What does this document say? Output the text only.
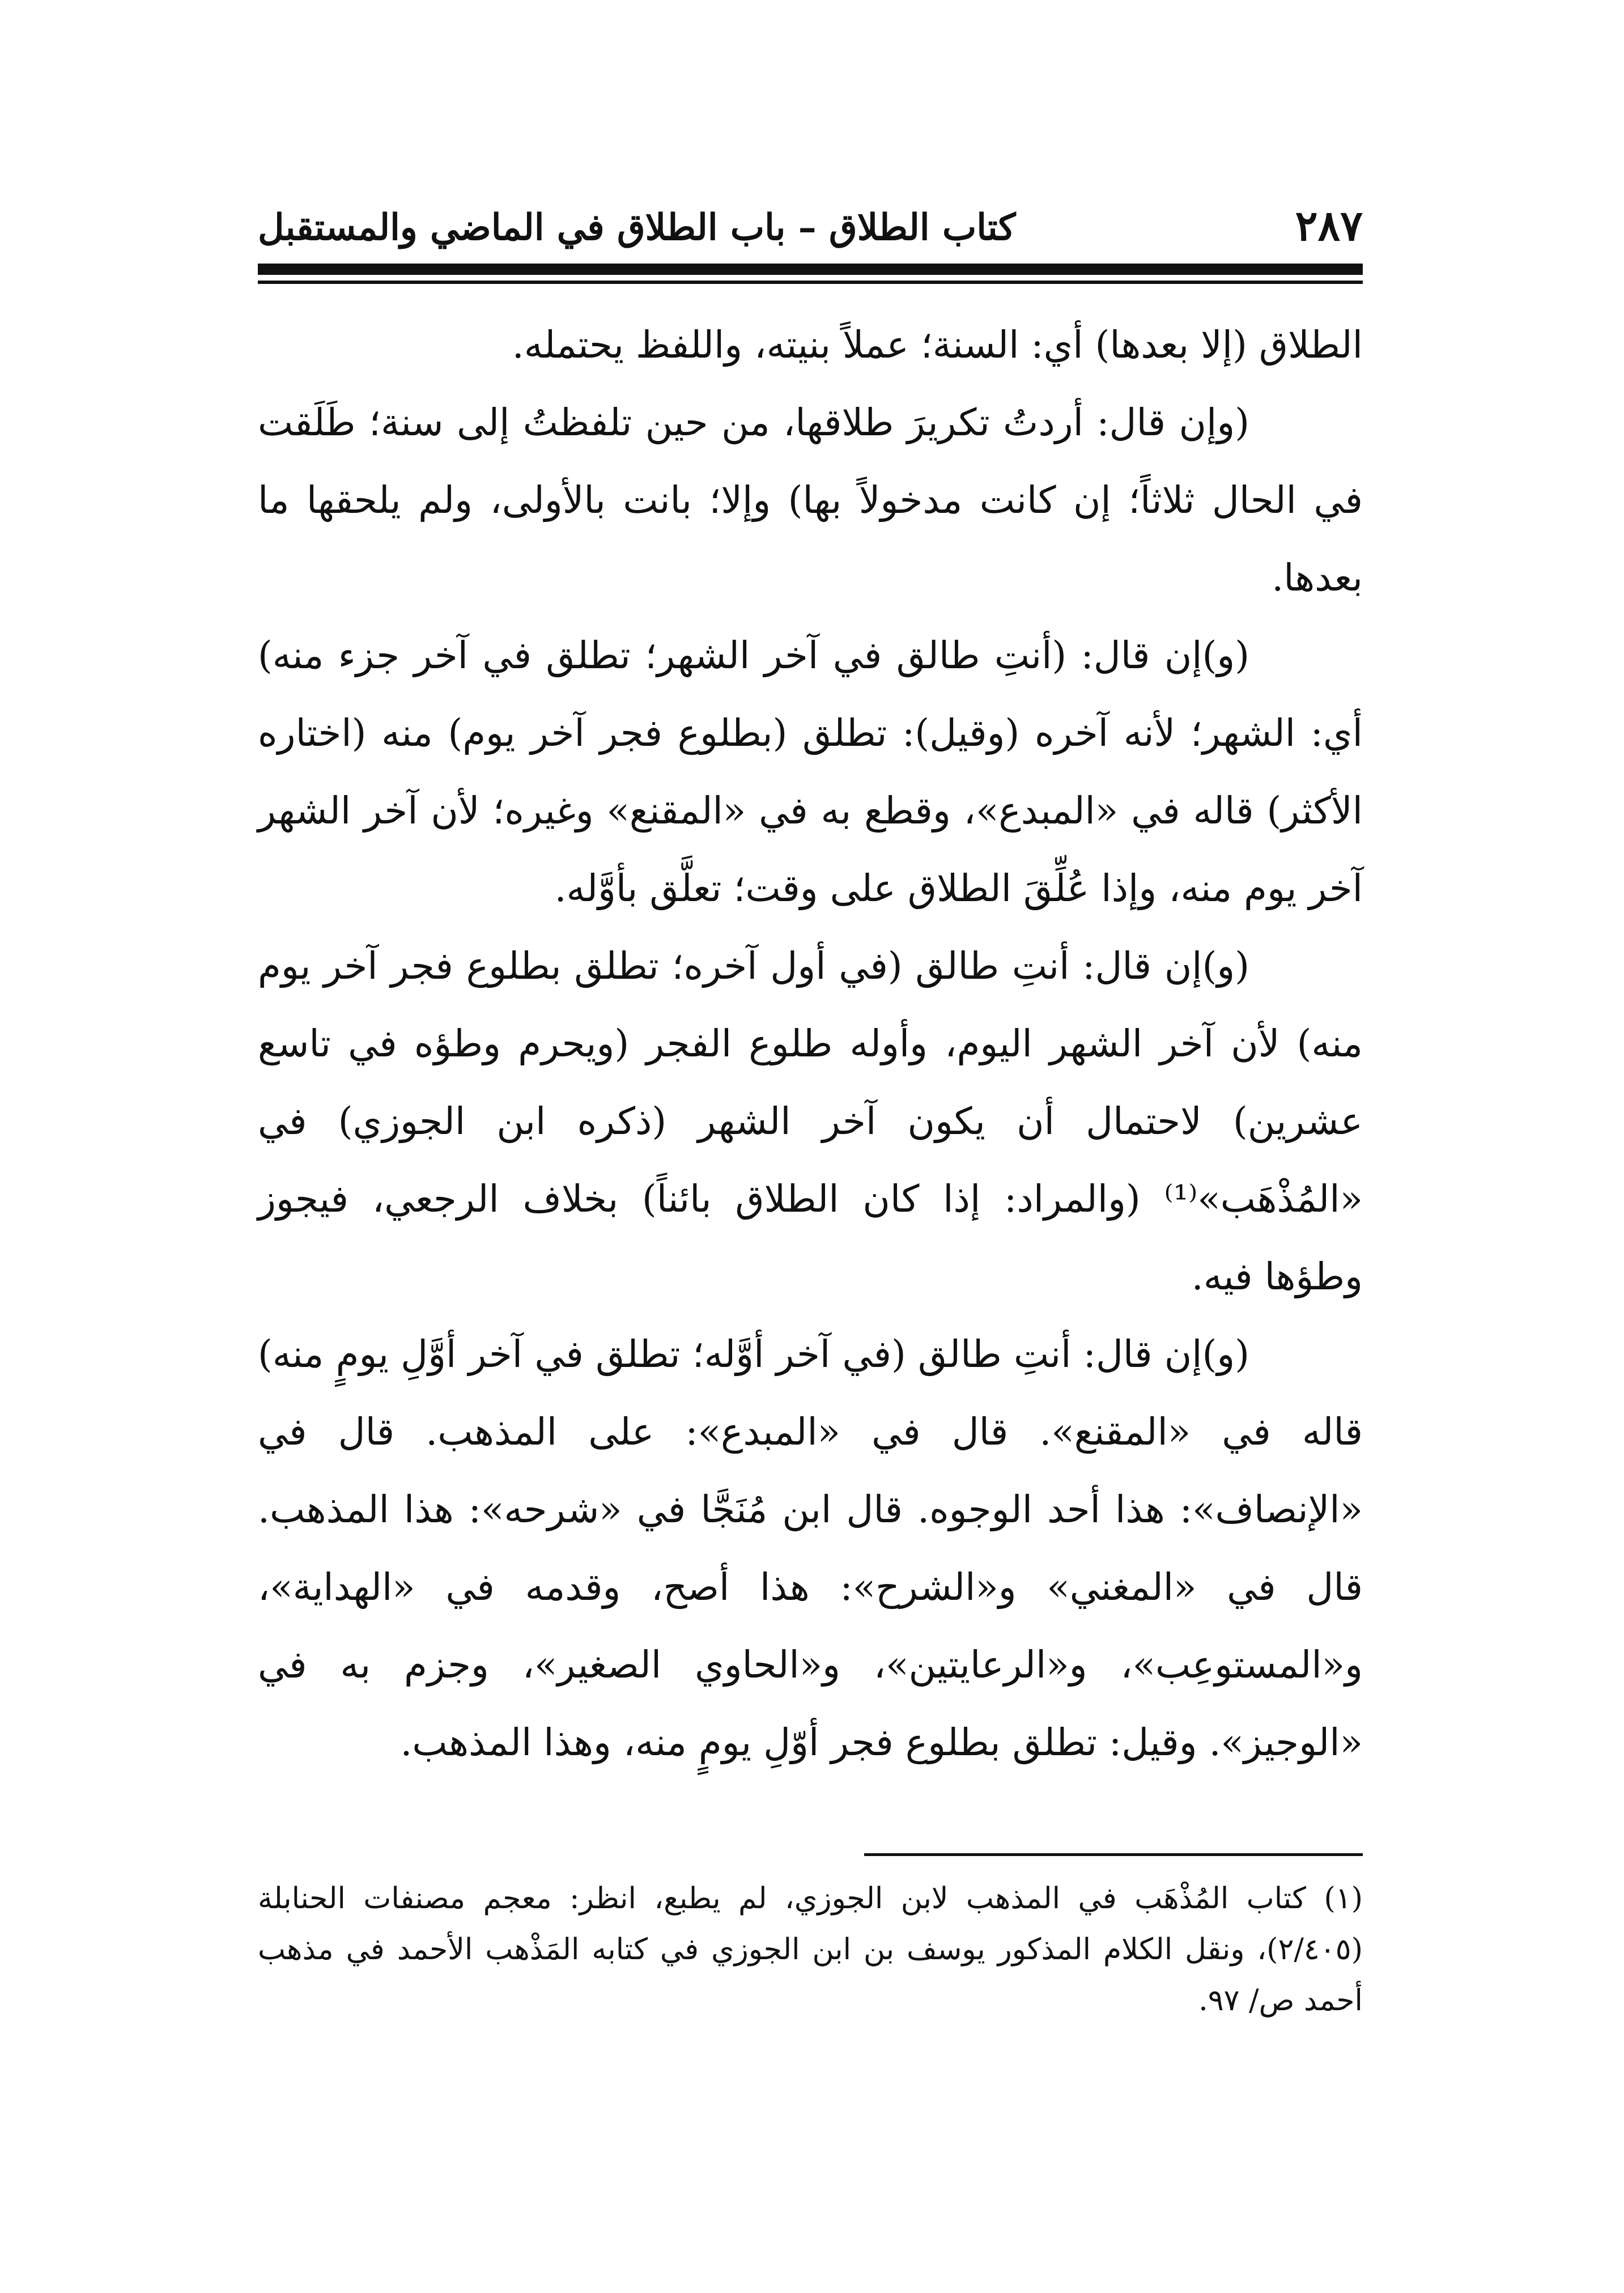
٢٨٧
كتاب الطلاق – باب الطلاق في الماضي والمستقبل

الطلاق (إلا بعدها) أي: السنة؛ عملاً بنيته، واللفظ يحتمله.

(وإن قال: أردتُ تكريرَ طلاقها، من حين تلفظتُ إلى سنة؛ طَلَقت في الحال ثلاثاً؛ إن كانت مدخولاً بها) وإلا؛ بانت بالأولى، ولم يلحقها ما بعدها.

(و)إن قال: (أنتِ طالق في آخر الشهر؛ تطلق في آخر جزء منه) أي: الشهر؛ لأنه آخره (وقيل): تطلق (بطلوع فجر آخر يوم) منه (اختاره الأكثر) قاله في «المبدع»، وقطع به في «المقنع» وغيره؛ لأن آخر الشهر آخر يوم منه، وإذا عُلِّقَ الطلاق على وقت؛ تعلَّق بأوَّله.

(و)إن قال: أنتِ طالق (في أول آخره؛ تطلق بطلوع فجر آخر يوم منه) لأن آخر الشهر اليوم، وأوله طلوع الفجر (ويحرم وطؤه في تاسع عشرين) لاحتمال أن يكون آخر الشهر (ذكره ابن الجوزي) في «المُذْهَب»⁽¹⁾ (والمراد: إذا كان الطلاق بائناً) بخلاف الرجعي، فيجوز وطؤها فيه.

(و)إن قال: أنتِ طالق (في آخر أوَّله؛ تطلق في آخر أوَّلِ يومٍ منه) قاله في «المقنع». قال في «المبدع»: على المذهب. قال في «الإنصاف»: هذا أحد الوجوه. قال ابن مُنَجَّا في «شرحه»: هذا المذهب. قال في «المغني» و«الشرح»: هذا أصح، وقدمه في «الهداية»، و«المستوعِب»، و«الرعايتين»، و«الحاوي الصغير»، وجزم به في «الوجيز». وقيل: تطلق بطلوع فجر أوّلِ يومٍ منه، وهذا المذهب.

(١) كتاب المُذْهَب في المذهب لابن الجوزي، لم يطبع، انظر: معجم مصنفات الحنابلة (٢/٤٠٥)، ونقل الكلام المذكور يوسف بن ابن الجوزي في كتابه المَذْهب الأحمد في مذهب أحمد ص/ ٩٧.
